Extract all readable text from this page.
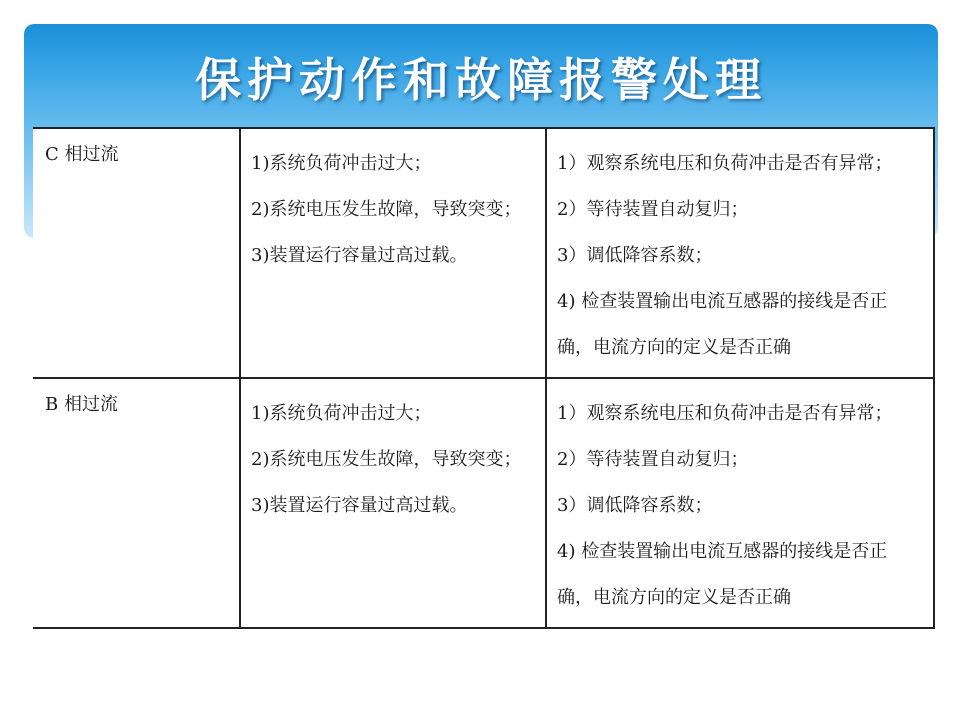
保护动作和故障报警处理
C 相过流	1)系统负荷冲击过大；
2)系统电压发生故障，导致突变；
3)装置运行容量过高过载。	1）观察系统电压和负荷冲击是否有异常；
2）等待装置自动复归；
3）调低降容系数；
4) 检查装置输出电流互感器的接线是否正确，电流方向的定义是否正确

B 相过流	1)系统负荷冲击过大；
2)系统电压发生故障，导致突变；
3)装置运行容量过高过载。	1）观察系统电压和负荷冲击是否有异常；
2）等待装置自动复归；
3）调低降容系数；
4) 检查装置输出电流互感器的接线是否正确，电流方向的定义是否正确
